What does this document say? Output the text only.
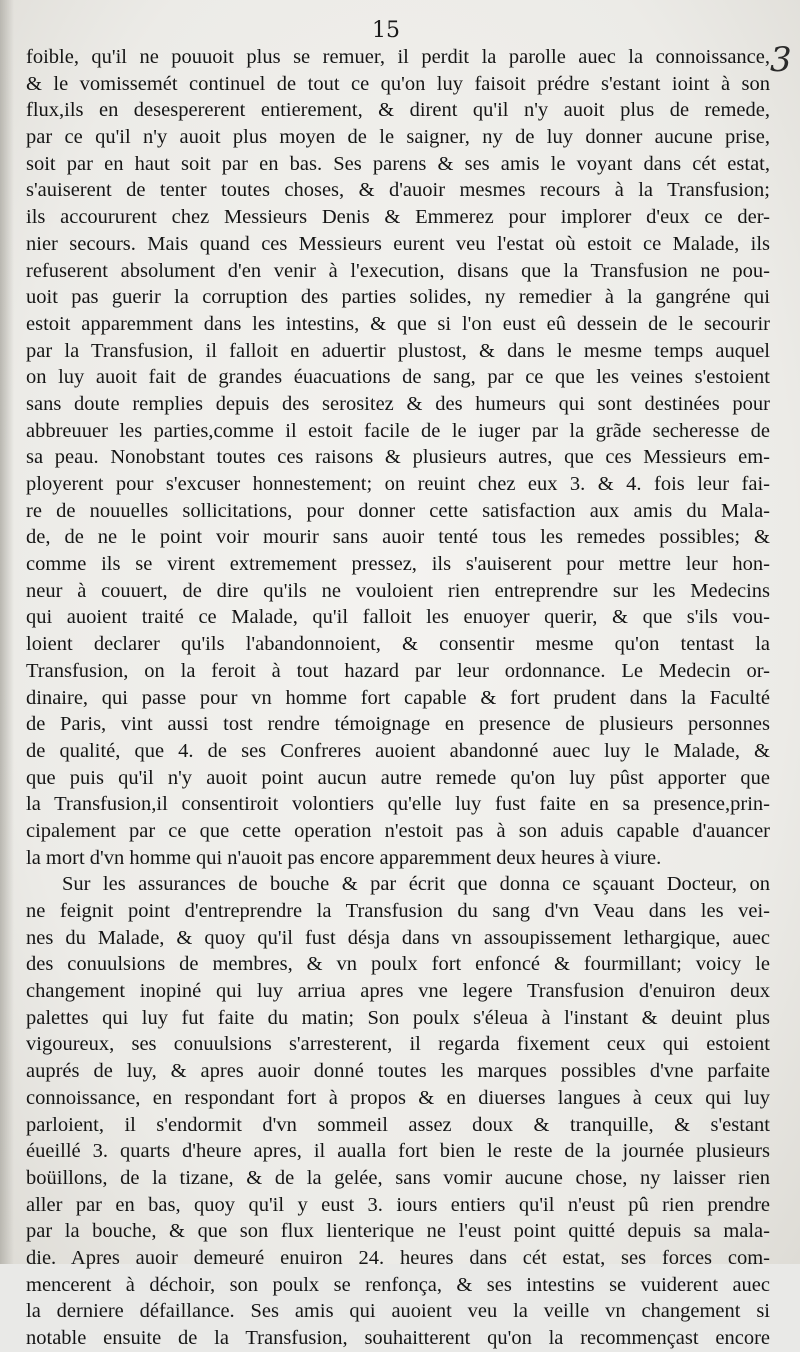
15
3
foible, qu'il ne pouuoit plus se remuer, il perdit la parolle auec la connoissance,
& le vomissemét continuel de tout ce qu'on luy faisoit prédre s'estant ioint à son
flux,ils en desespererent entierement, & dirent qu'il n'y auoit plus de remede,
par ce qu'il n'y auoit plus moyen de le saigner, ny de luy donner aucune prise,
soit par en haut soit par en bas. Ses parens & ses amis le voyant dans cét estat,
s'auiserent de tenter toutes choses, & d'auoir mesmes recours à la Transfusion;
ils accoururent chez Messieurs Denis & Emmerez pour implorer d'eux ce der-
nier secours. Mais quand ces Messieurs eurent veu l'estat où estoit ce Malade, ils
refuserent absolument d'en venir à l'execution, disans que la Transfusion ne pou-
uoit pas guerir la corruption des parties solides, ny remedier à la gangréne qui
estoit apparemment dans les intestins, & que si l'on eust eû dessein de le secourir
par la Transfusion, il falloit en aduertir plustost, & dans le mesme temps auquel
on luy auoit fait de grandes éuacuations de sang, par ce que les veines s'estoient
sans doute remplies depuis des serositez & des humeurs qui sont destinées pour
abbreuuer les parties,comme il estoit facile de le iuger par la grãde secheresse de
sa peau. Nonobstant toutes ces raisons & plusieurs autres, que ces Messieurs em-
ployerent pour s'excuser honnestement; on reuint chez eux 3. & 4. fois leur fai-
re de nouuelles sollicitations, pour donner cette satisfaction aux amis du Mala-
de, de ne le point voir mourir sans auoir tenté tous les remedes possibles; &
comme ils se virent extremement pressez, ils s'auiserent pour mettre leur hon-
neur à couuert, de dire qu'ils ne vouloient rien entreprendre sur les Medecins
qui auoient traité ce Malade, qu'il falloit les enuoyer querir, & que s'ils vou-
loient declarer qu'ils l'abandonnoient, & consentir mesme qu'on tentast la
Transfusion, on la feroit à tout hazard par leur ordonnance. Le Medecin or-
dinaire, qui passe pour vn homme fort capable & fort prudent dans la Faculté
de Paris, vint aussi tost rendre témoignage en presence de plusieurs personnes
de qualité, que 4. de ses Confreres auoient abandonné auec luy le Malade, &
que puis qu'il n'y auoit point aucun autre remede qu'on luy pûst apporter que
la Transfusion,il consentiroit volontiers qu'elle luy fust faite en sa presence,prin-
cipalement par ce que cette operation n'estoit pas à son aduis capable d'auancer
la mort d'vn homme qui n'auoit pas encore apparemment deux heures à viure.
Sur les assurances de bouche & par écrit que donna ce sçauant Docteur, on
ne feignit point d'entreprendre la Transfusion du sang d'vn Veau dans les vei-
nes du Malade, & quoy qu'il fust désja dans vn assoupissement lethargique, auec
des conuulsions de membres, & vn poulx fort enfoncé & fourmillant; voicy le
changement inopiné qui luy arriua apres vne legere Transfusion d'enuiron deux
palettes qui luy fut faite du matin; Son poulx s'éleua à l'instant & deuint plus
vigoureux, ses conuulsions s'arresterent, il regarda fixement ceux qui estoient
auprés de luy, & apres auoir donné toutes les marques possibles d'vne parfaite
connoissance, en respondant fort à propos & en diuerses langues à ceux qui luy
parloient, il s'endormit d'vn sommeil assez doux & tranquille, & s'estant
éueillé 3. quarts d'heure apres, il aualla fort bien le reste de la journée plusieurs
boüillons, de la tizane, & de la gelée, sans vomir aucune chose, ny laisser rien
aller par en bas, quoy qu'il y eust 3. iours entiers qu'il n'eust pû rien prendre
par la bouche, & que son flux lienterique ne l'eust point quitté depuis sa mala-
die. Apres auoir demeuré enuiron 24. heures dans cét estat, ses forces com-
mencerent à déchoir, son poulx se renfonça, & ses intestins se vuiderent auec
la derniere défaillance. Ses amis qui auoient veu la veille vn changement si
notable ensuite de la Transfusion, souhaitterent qu'on la recommençast encore
